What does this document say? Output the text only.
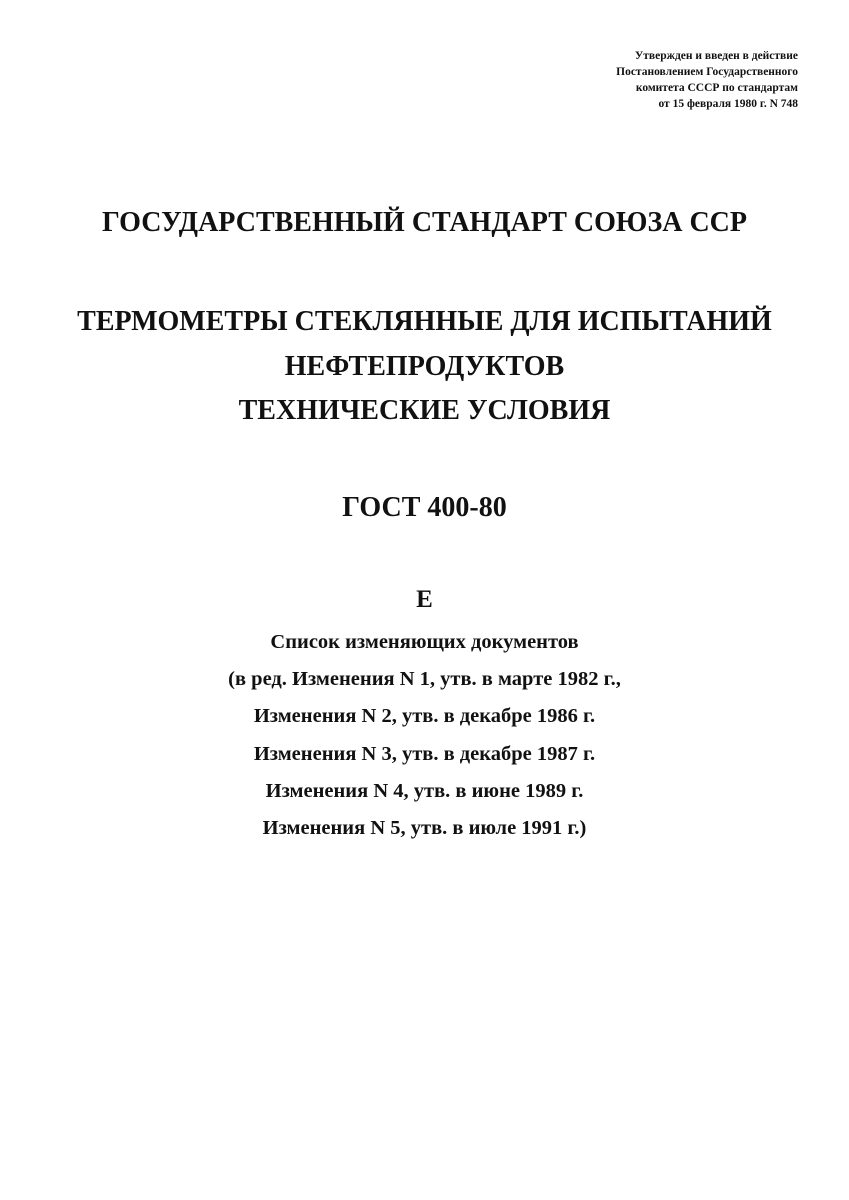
Утвержден и введен в действие
Постановлением Государственного
комитета СССР по стандартам
от 15 февраля 1980 г. N 748
ГОСУДАРСТВЕННЫЙ СТАНДАРТ СОЮЗА ССР
ТЕРМОМЕТРЫ СТЕКЛЯННЫЕ ДЛЯ ИСПЫТАНИЙ
НЕФТЕПРОДУКТОВ
ТЕХНИЧЕСКИЕ УСЛОВИЯ
ГОСТ 400-80
E
Список изменяющих документов
(в ред. Изменения N 1, утв. в марте 1982 г.,
Изменения N 2, утв. в декабре 1986 г.
Изменения N 3, утв. в декабре 1987 г.
Изменения N 4, утв. в июне 1989 г.
Изменения N 5, утв. в июле 1991 г.)
